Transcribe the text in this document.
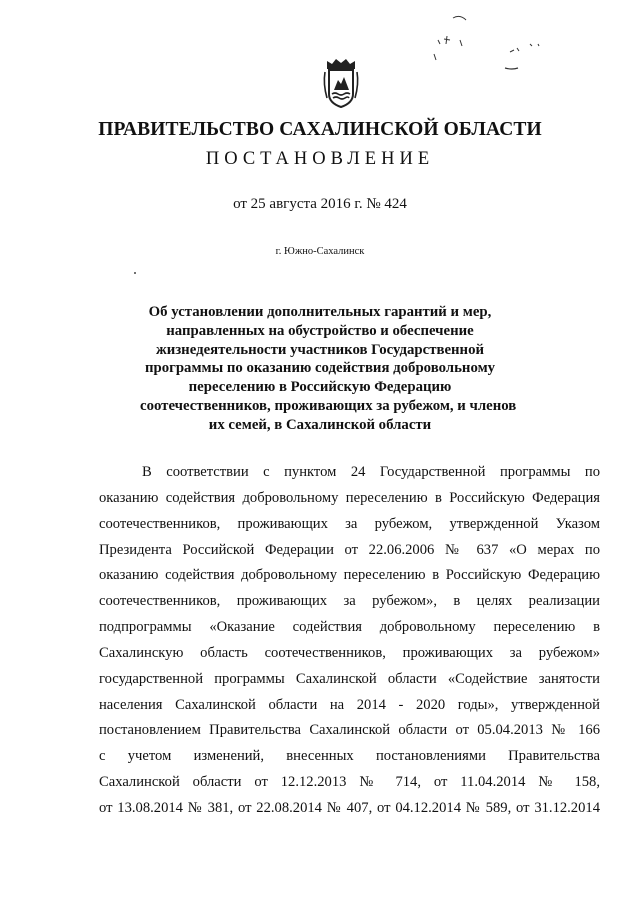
ПРАВИТЕЛЬСТВО САХАЛИНСКОЙ ОБЛАСТИ
ПОСТАНОВЛЕНИЕ
от 25 августа 2016 г. № 424
г. Южно-Сахалинск
Об установлении дополнительных гарантий и мер,
направленных на обустройство и обеспечение
жизнедеятельности участников Государственной
программы по оказанию содействия добровольному
переселению в Российскую Федерацию
соотечественников, проживающих за рубежом, и членов
их семей, в Сахалинской области
В соответствии с пунктом 24 Государственной программы по
оказанию содействия добровольному переселению в Российскую Федерация
соотечественников, проживающих за рубежом, утвержденной Указом
Президента Российской Федерации от 22.06.2006 № 637 «О мерах по
оказанию содействия добровольному переселению в Российскую Федерацию
соотечественников, проживающих за рубежом», в целях реализации
подпрограммы «Оказание содействия добровольному переселению в
Сахалинскую область соотечественников, проживающих за рубежом»
государственной программы Сахалинской области «Содействие занятости
населения Сахалинской области на 2014 - 2020 годы», утвержденной
постановлением Правительства Сахалинской области от 05.04.2013 № 166
с учетом изменений, внесенных постановлениями Правительства
Сахалинской области от 12.12.2013 № 714, от 11.04.2014 № 158,
от 13.08.2014 № 381, от 22.08.2014 № 407, от 04.12.2014 № 589, от 31.12.2014
